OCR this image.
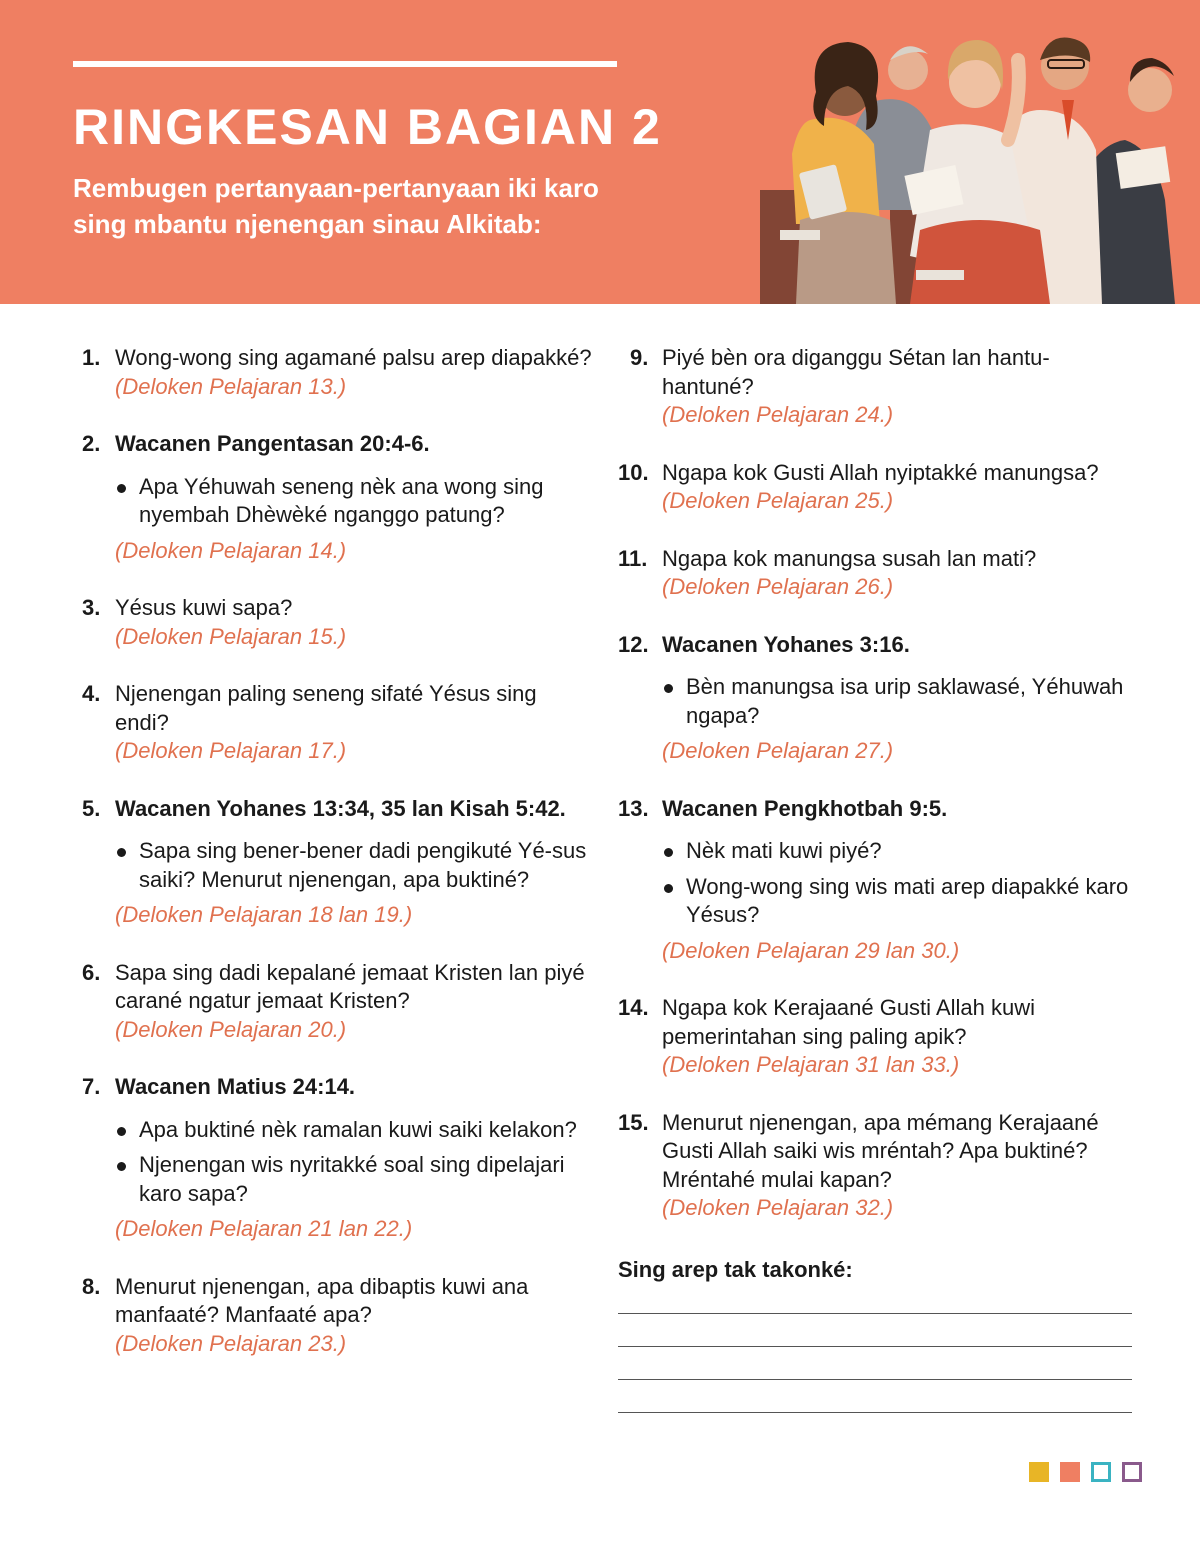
RINGKESAN BAGIAN 2

Rembugen pertanyaan-pertanyaan iki karo sing mbantu njenengan sinau Alkitab:

1. Wong-wong sing agamané palsu arep diapakké?
(Deloken Pelajaran 13.)
2. Wacanen Pangentasan 20:4-6.
Apa Yéhuwah seneng nèk ana wong sing nyembah Dhèwèké nganggo patung?
(Deloken Pelajaran 14.)
3. Yésus kuwi sapa?
(Deloken Pelajaran 15.)
4. Njenengan paling seneng sifaté Yésus sing endi?
(Deloken Pelajaran 17.)
5. Wacanen Yohanes 13:34, 35 lan Kisah 5:42.
Sapa sing bener-bener dadi pengikuté Yé-sus saiki? Menurut njenengan, apa buktiné?
(Deloken Pelajaran 18 lan 19.)
6. Sapa sing dadi kepalané jemaat Kristen lan piyé carané ngatur jemaat Kristen?
(Deloken Pelajaran 20.)
7. Wacanen Matius 24:14.
Apa buktiné nèk ramalan kuwi saiki kelakon?
Njenengan wis nyritakké soal sing dipelajari karo sapa?
(Deloken Pelajaran 21 lan 22.)
8. Menurut njenengan, apa dibaptis kuwi ana manfaaté? Manfaaté apa?
(Deloken Pelajaran 23.)
9. Piyé bèn ora diganggu Sétan lan hantu-hantuné?
(Deloken Pelajaran 24.)
10. Ngapa kok Gusti Allah nyiptakké manungsa?
(Deloken Pelajaran 25.)
11. Ngapa kok manungsa susah lan mati?
(Deloken Pelajaran 26.)
12. Wacanen Yohanes 3:16.
Bèn manungsa isa urip saklawasé, Yéhuwah ngapa?
(Deloken Pelajaran 27.)
13. Wacanen Pengkhotbah 9:5.
Nèk mati kuwi piyé?
Wong-wong sing wis mati arep diapakké karo Yésus?
(Deloken Pelajaran 29 lan 30.)
14. Ngapa kok Kerajaané Gusti Allah kuwi pemerintahan sing paling apik?
(Deloken Pelajaran 31 lan 33.)
15. Menurut njenengan, apa mémang Kerajaané Gusti Allah saiki wis mréntah? Apa buktiné? Mréntahé mulai kapan?
(Deloken Pelajaran 32.)
Sing arep tak takonké:
